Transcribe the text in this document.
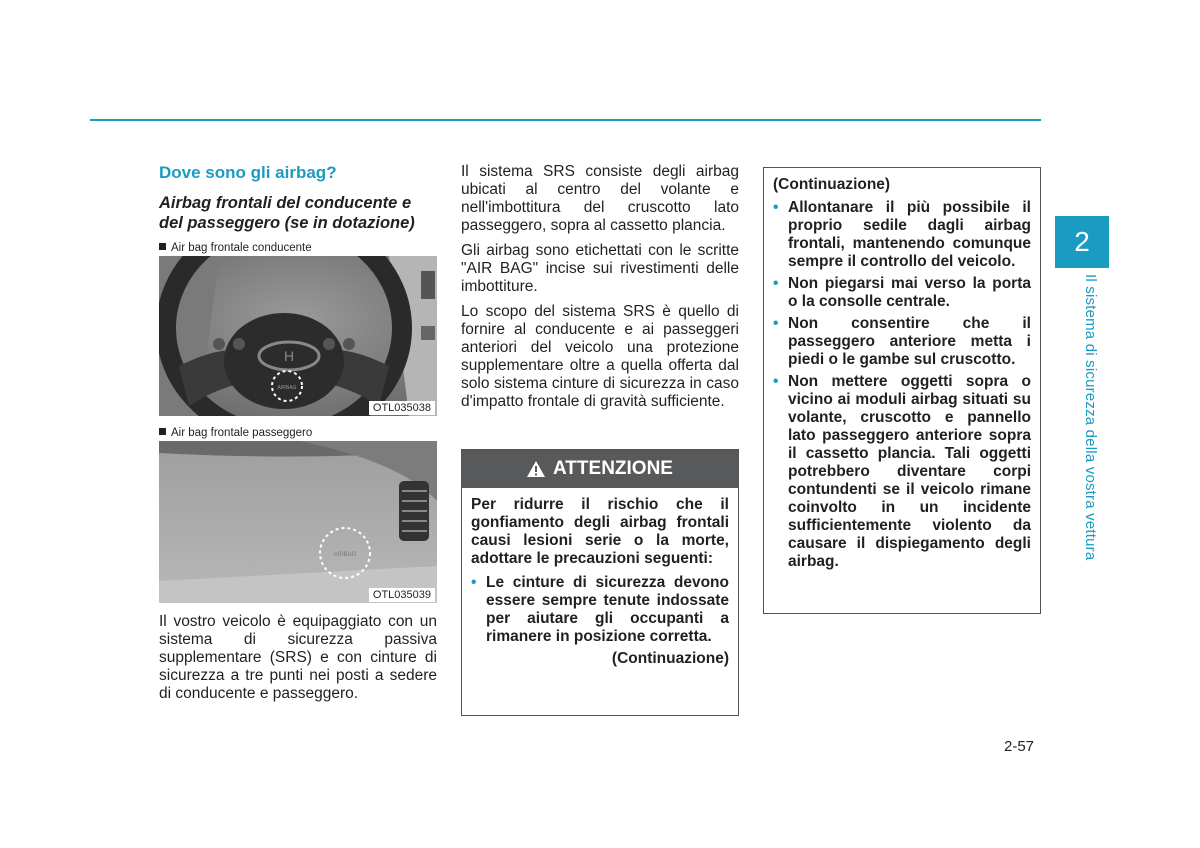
Dove sono gli airbag?
Airbag frontali del conducente e del passeggero (se in dotazione)
Air bag frontale conducente
H
AIRBAG
OTL035038
Air bag frontale passeggero
AIRBAG
OTL035039

Il vostro veicolo è equipaggiato con un sistema di sicurezza passiva supplementare (SRS) e con cinture di sicurezza a tre punti nei posti a sedere di conducente e passeggero.

Il sistema SRS consiste degli airbag ubicati al centro del volante e nell'imbottitura del cruscotto lato passeggero, sopra al cassetto plancia.

Gli airbag sono etichettati con le scritte "AIR BAG" incise sui rivestimenti delle imbottiture.

Lo scopo del sistema SRS è quello di fornire al conducente e ai passeggeri anteriori del veicolo una protezione supplementare oltre a quella offerta dal solo sistema cinture di sicurezza in caso d'impatto frontale di gravità sufficiente.

ATTENZIONE

Per ridurre il rischio che il gonfiamento degli airbag frontali causi lesioni serie o la morte, adottare le precauzioni seguenti:

• Le cinture di sicurezza devono essere sempre tenute indossate per aiutare gli occupanti a rimanere in posizione corretta.
(Continuazione)
(Continuazione)
• Allontanare il più possibile il proprio sedile dagli airbag frontali, mantenendo comunque sempre il controllo del veicolo.
• Non piegarsi mai verso la porta o la consolle centrale.
• Non consentire che il passeggero anteriore metta i piedi o le gambe sul cruscotto.
• Non mettere oggetti sopra o vicino ai moduli airbag situati su volante, cruscotto e pannello lato passeggero anteriore sopra il cassetto plancia. Tali oggetti potrebbero diventare corpi contundenti se il veicolo rimane coinvolto in un incidente sufficientemente violento da causare il dispiegamento degli airbag.
2
Il sistema di sicurezza della vostra vettura
2-57
